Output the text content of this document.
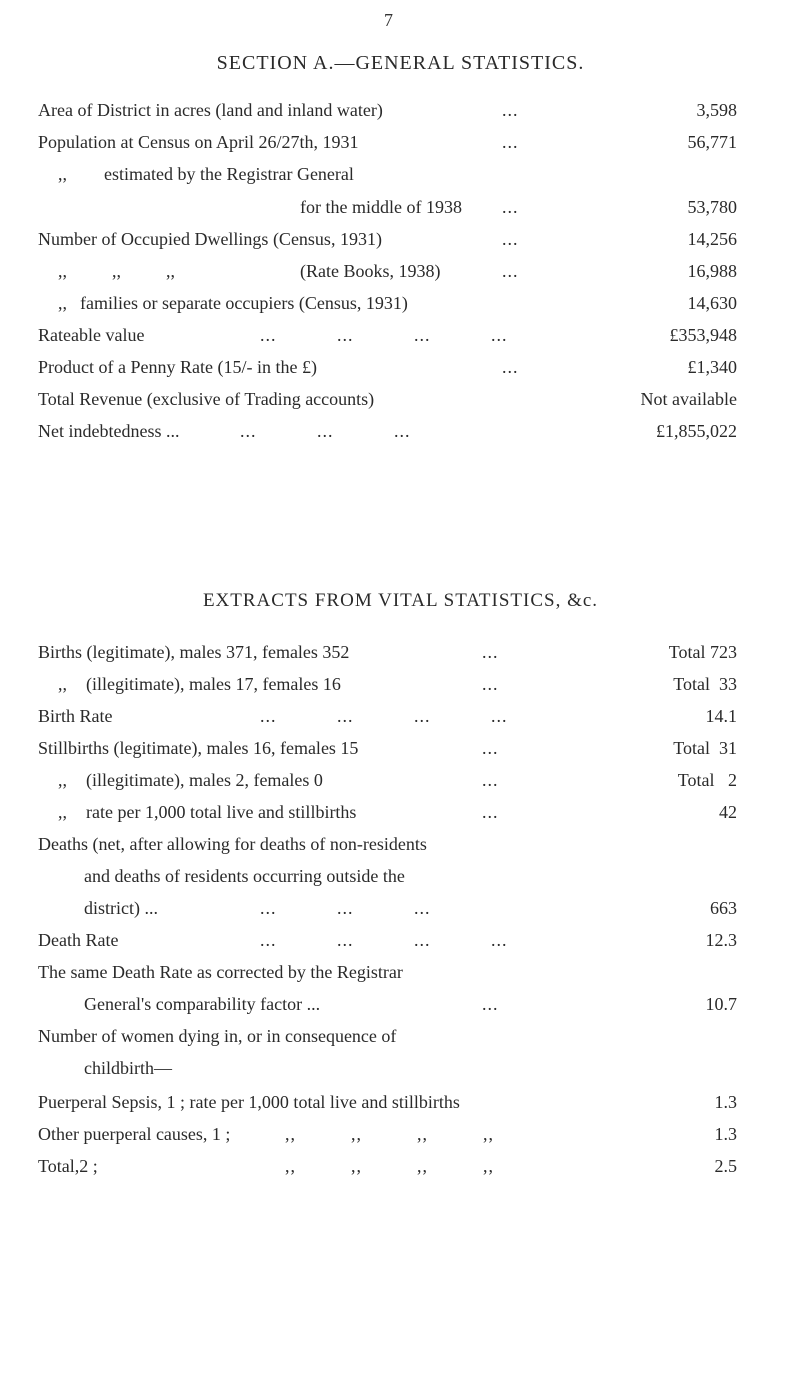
7
SECTION A.—GENERAL STATISTICS.
Area of District in acres (land and inland water)	...	3,598
Population at Census on April 26/27th, 1931	...	56,771
,, estimated by the Registrar General
for the middle of 1938 ...	53,780
Number of Occupied Dwellings (Census, 1931)	...	14,256
,,          ,,          ,,	(Rate Books, 1938)	...	16,988
,, families or separate occupiers (Census, 1931)	14,630
Rateable value	...           ...           ...           ...	£353,948
Product of a Penny Rate (15/- in the £)	...	£1,340
Total Revenue (exclusive of Trading accounts)	Not available
Net indebtedness ...	...           ...           ...	£1,855,022
EXTRACTS FROM VITAL STATISTICS, &c.
Births (legitimate), males 371, females 352	...	Total 723
,, (illegitimate), males 17, females 16	...	Total  33
Birth Rate	...           ...           ...           ...	14.1
Stillbirths (legitimate), males 16, females 15	...	Total  31
,, (illegitimate), males 2, females 0	...	Total   2
,, rate per 1,000 total live and stillbirths	...	42
Deaths (net, after allowing for deaths of non-residents
and deaths of residents occurring outside the
district) ...	...           ...           ...	663
Death Rate	...           ...           ...           ...	12.3
The same Death Rate as corrected by the Registrar
General's comparability factor ...	...	10.7
Number of women dying in, or in consequence of
childbirth—
Puerperal Sepsis, 1 ; rate per 1,000 total live and stillbirths	1.3
Other puerperal causes, 1 ;	,,          ,,          ,,          ,,	1.3
Total,2 ;	,,          ,,          ,,          ,,	2.5
